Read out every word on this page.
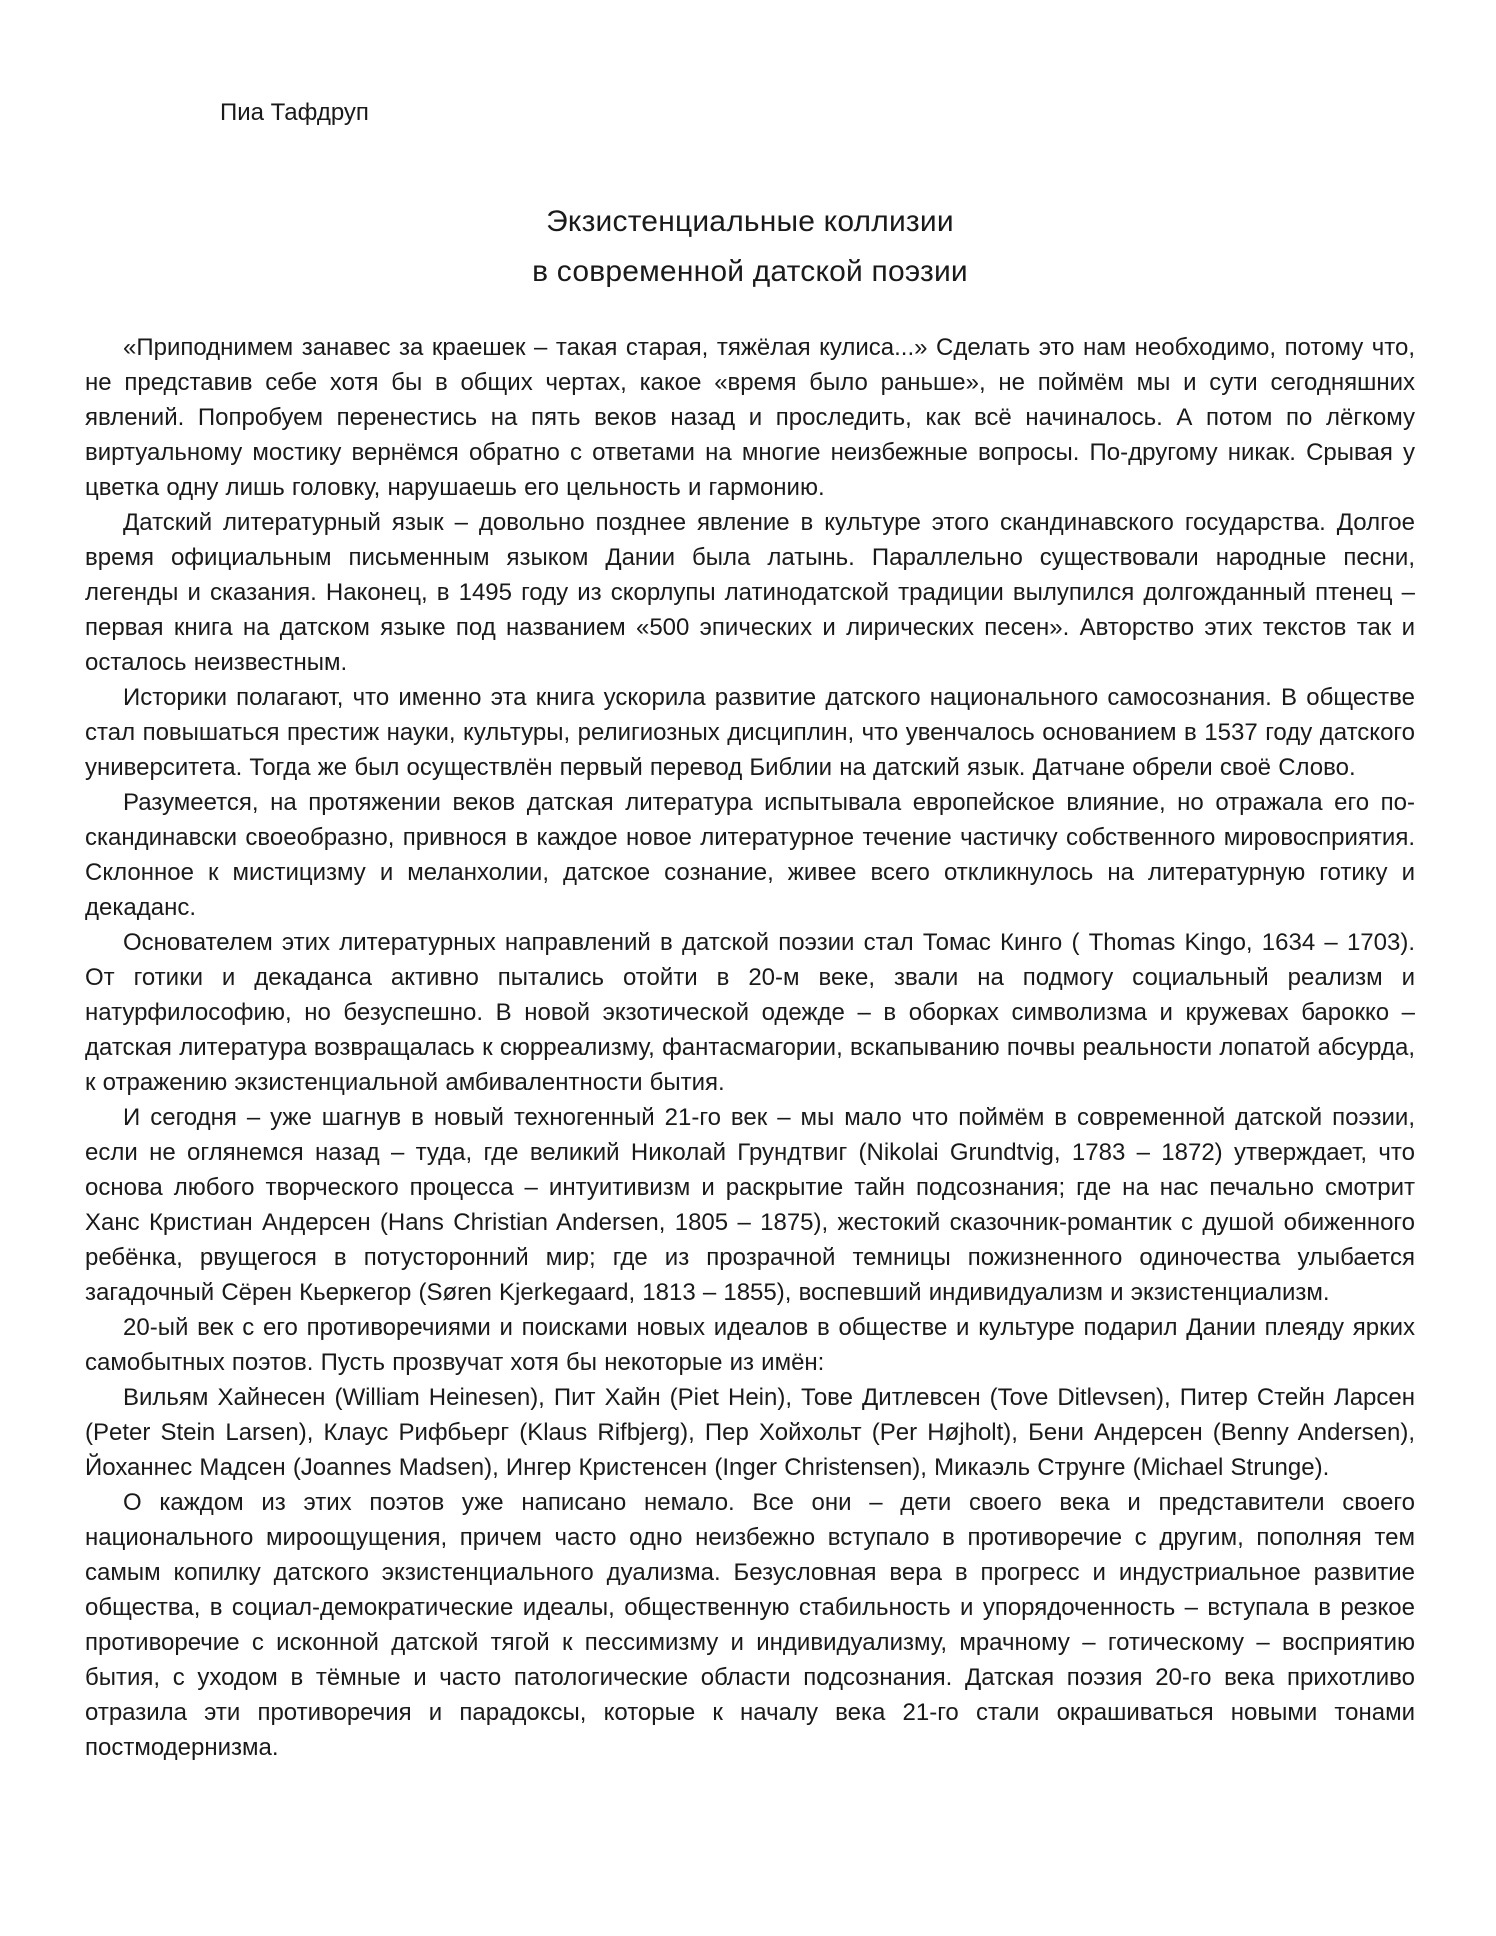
Пиа Тафдруп

Экзистенциальные коллизии
в современной датской поэзии

«Приподнимем занавес за краешек – такая старая, тяжёлая кулиса...» Сделать это нам необходимо, потому что, не представив себе хотя бы в общих чертах, какое «время было раньше», не поймём мы и сути сегодняшних явлений. Попробуем перенестись на пять веков назад и проследить, как всё начиналось. А потом по лёгкому виртуальному мостику вернёмся обратно с ответами на многие неизбежные вопросы. По-другому никак. Срывая у цветка одну лишь головку, нарушаешь его цельность и гармонию.

Датский литературный язык – довольно позднее явление в культуре этого скандинавского государства. Долгое время официальным письменным языком Дании была латынь. Параллельно существовали народные песни, легенды и сказания. Наконец, в 1495 году из скорлупы латинодатской традиции вылупился долгожданный птенец – первая книга на датском языке под названием «500 эпических и лирических песен». Авторство этих текстов так и осталось неизвестным.

Историки полагают, что именно эта книга ускорила развитие датского национального самосознания. В обществе стал повышаться престиж науки, культуры, религиозных дисциплин, что увенчалось основанием в 1537 году датского университета. Тогда же был осуществлён первый перевод Библии на датский язык. Датчане обрели своё Слово.

Разумеется, на протяжении веков датская литература испытывала европейское влияние, но отражала его по-скандинавски своеобразно, привнося в каждое новое литературное течение частичку собственного мировосприятия. Склонное к мистицизму и меланхолии, датское сознание, живее всего откликнулось на литературную готику и декаданс.

Основателем этих литературных направлений в датской поэзии стал Томас Кинго ( Thomas Kingo, 1634 – 1703). От готики и декаданса активно пытались отойти в 20-м веке, звали на подмогу социальный реализм и натурфилософию, но безуспешно. В новой экзотической одежде – в оборках символизма и кружевах барокко – датская литература возвращалась к сюрреализму, фантасмагории, вскапыванию почвы реальности лопатой абсурда, к отражению экзистенциальной амбивалентности бытия.

И сегодня – уже шагнув в новый техногенный 21-го век – мы мало что поймём в современной датской поэзии, если не оглянемся назад – туда, где великий Николай Грундтвиг (Nikolai Grundtvig, 1783 – 1872) утверждает, что основа любого творческого процесса – интуитивизм и раскрытие тайн подсознания; где на нас печально смотрит Ханс Кристиан Андерсен (Hans Christian Andersen, 1805 – 1875), жестокий сказочник-романтик с душой обиженного ребёнка, рвущегося в потусторонний мир; где из прозрачной темницы пожизненного одиночества улыбается загадочный Сёрен Кьеркегор (Søren Kjerkegaard, 1813 – 1855), воспевший индивидуализм и экзистенциализм.

20-ый век с его противоречиями и поисками новых идеалов в обществе и культуре подарил Дании плеяду ярких самобытных поэтов. Пусть прозвучат хотя бы некоторые из имён:

Вильям Хайнесен (William Heinesen), Пит Хайн (Piet Hein), Тове Дитлевсен (Tove Ditlevsen), Питер Стейн Ларсен (Peter Stein Larsen), Клаус Рифбьерг (Klaus Rifbjerg), Пер Хойхольт (Per Højholt), Бени Андерсен (Benny Andersen), Йоханнес Мадсен (Joannes Madsen), Ингер Кристенсен (Inger Christensen), Микаэль Струнге (Michael Strunge).

О каждом из этих поэтов уже написано немало. Все они – дети своего века и представители своего национального мироощущения, причем часто одно неизбежно вступало в противоречие с другим, пополняя тем самым копилку датского экзистенциального дуализма. Безусловная вера в прогресс и индустриальное развитие общества, в социал-демократические идеалы, общественную стабильность и упорядоченность – вступала в резкое противоречие с исконной датской тягой к пессимизму и индивидуализму, мрачному – готическому – восприятию бытия, с уходом в тёмные и часто патологические области подсознания. Датская поэзия 20-го века прихотливо отразила эти противоречия и парадоксы, которые к началу века 21-го стали окрашиваться новыми тонами постмодернизма.
